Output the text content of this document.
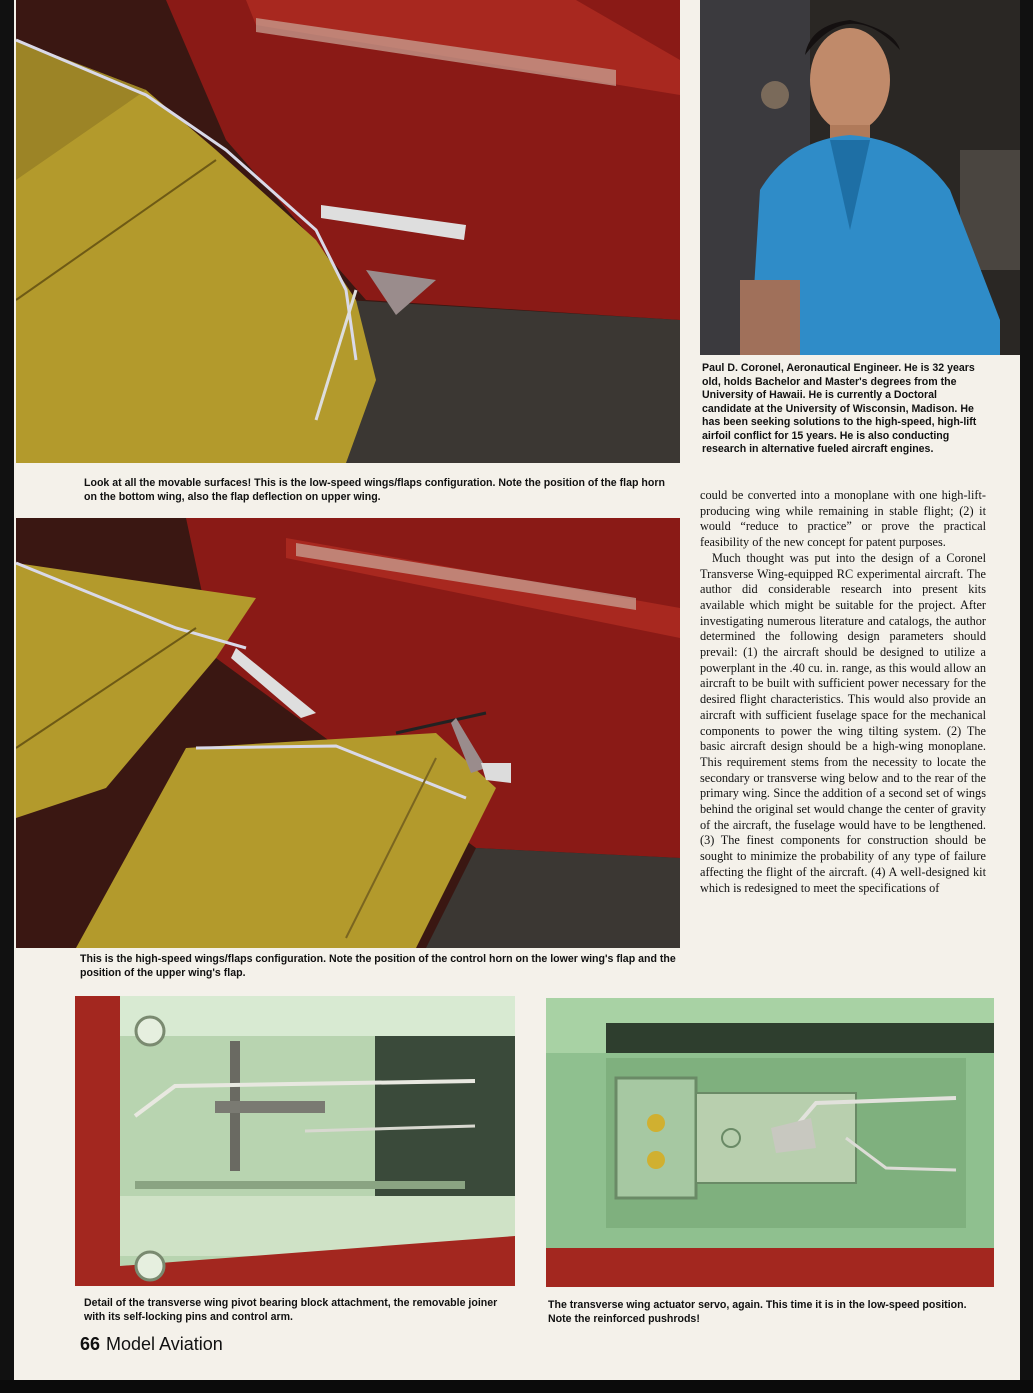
Look at all the movable surfaces! This is the low-speed wings/flaps configuration. Note the position of the flap horn on the bottom wing, also the flap deflection on upper wing.

Paul D. Coronel, Aeronautical Engineer. He is 32 years old, holds Bachelor and Master's degrees from the University of Hawaii. He is currently a Doctoral candidate at the University of Wisconsin, Madison. He has been seeking solutions to the high-speed, high-lift airfoil conflict for 15 years. He is also conducting research in alternative fueled aircraft engines.

This is the high-speed wings/flaps configuration. Note the position of the control horn on the lower wing's flap and the position of the upper wing's flap.

could be converted into a monoplane with one high-lift-producing wing while remaining in stable flight; (2) it would “reduce to practice” or prove the practical feasibility of the new concept for patent purposes.

Much thought was put into the design of a Coronel Transverse Wing-equipped RC experimental aircraft. The author did considerable research into present kits available which might be suitable for the project. After investigating numerous literature and catalogs, the author determined the following design parameters should prevail: (1) the aircraft should be designed to utilize a powerplant in the .40 cu. in. range, as this would allow an aircraft to be built with sufficient power necessary for the desired flight characteristics. This would also provide an aircraft with sufficient fuselage space for the mechanical components to power the wing tilting system. (2) The basic aircraft design should be a high-wing monoplane. This requirement stems from the necessity to locate the secondary or transverse wing below and to the rear of the primary wing. Since the addition of a second set of wings behind the original set would change the center of gravity of the aircraft, the fuselage would have to be lengthened. (3) The finest components for construction should be sought to minimize the probability of any type of failure affecting the flight of the aircraft. (4) A well-designed kit which is redesigned to meet the specifications of

Detail of the transverse wing pivot bearing block attachment, the removable joiner with its self-locking pins and control arm.

The transverse wing actuator servo, again. This time it is in the low-speed position. Note the reinforced pushrods!

66 Model Aviation
